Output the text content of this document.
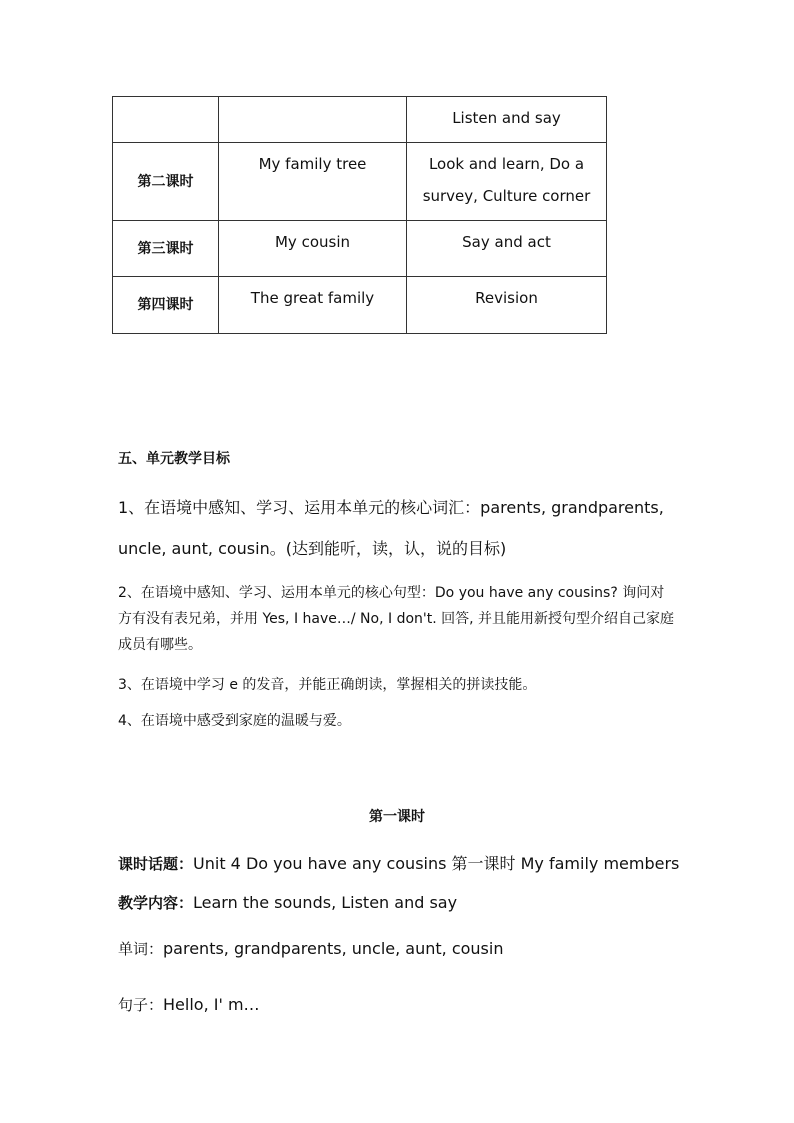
		Listen and say
第二课时	My family tree	Look and learn, Do a survey, Culture corner
第三课时	My cousin	Say and act
第四课时	The great family	Revision
五、单元教学目标
1、在语境中感知、学习、运用本单元的核心词汇：parents, grandparents,
uncle, aunt, cousin。(达到能听，读，认，说的目标)
2、在语境中感知、学习、运用本单元的核心句型：Do you have any cousins? 询问对方有没有表兄弟，并用 Yes, I have…/ No, I don't. 回答, 并且能用新授句型介绍自己家庭成员有哪些。
3、在语境中学习 e 的发音，并能正确朗读，掌握相关的拼读技能。
4、在语境中感受到家庭的温暖与爱。
第一课时
课时话题：Unit 4 Do you have any cousins 第一课时 My family members
教学内容：Learn the sounds, Listen and say
单词：parents, grandparents, uncle, aunt, cousin
句子：Hello, I' m…
